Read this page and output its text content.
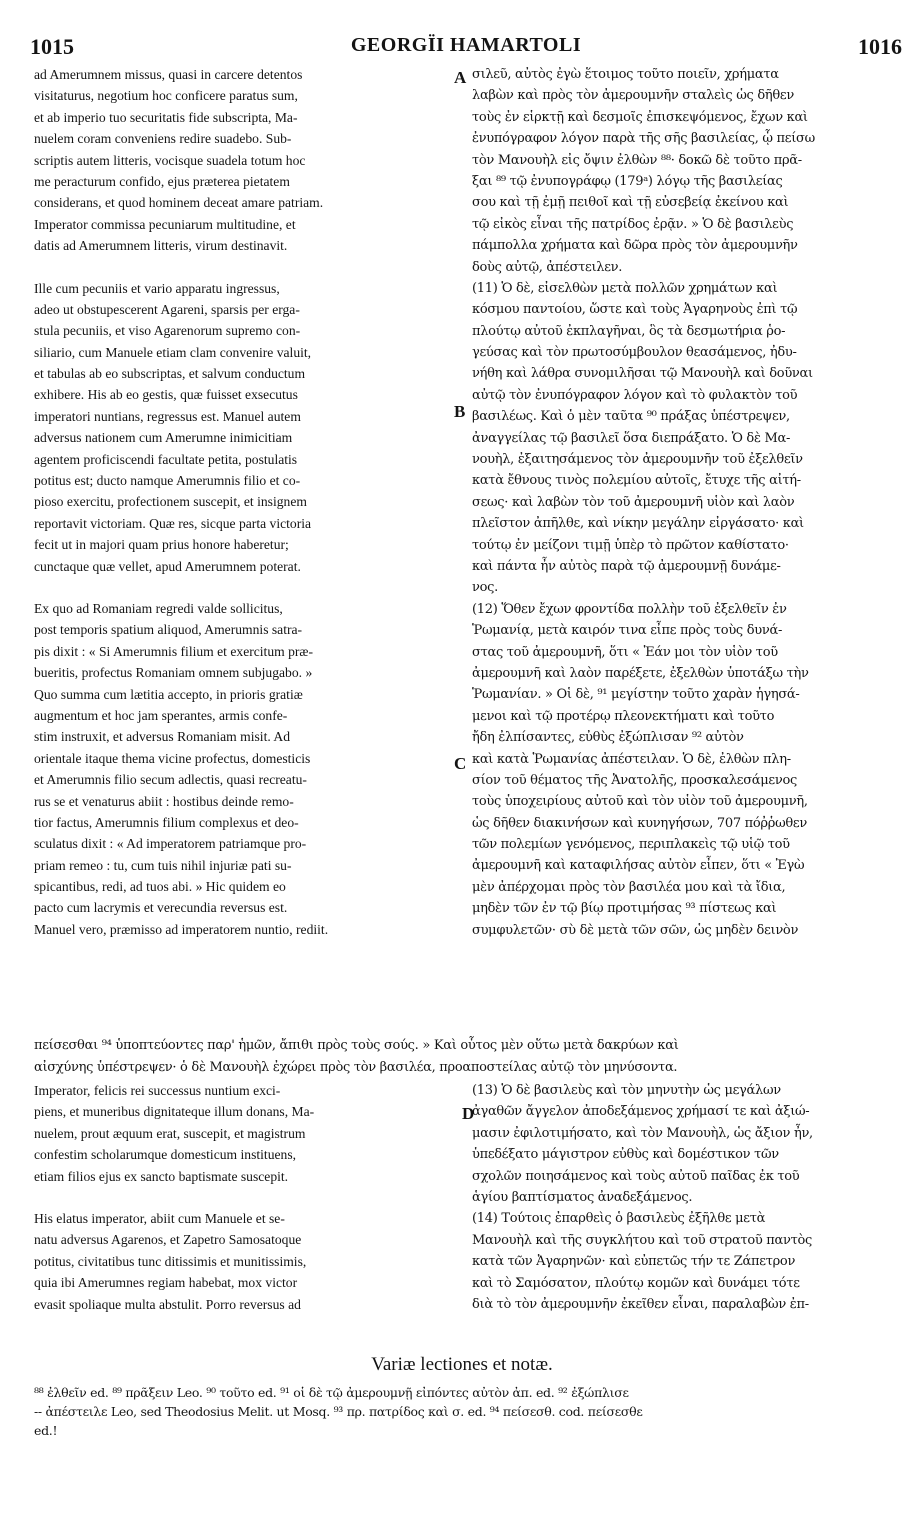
1015	GEORGÏI HAMARTOLI	1016
ad Amerumnem missus, quasi in carcere detentos
visitaturus, negotium hoc conficere paratus sum,
et ab imperio tuo securitatis fide subscripta, Ma-
nuelem coram conveniens redire suadebo. Sub-
scriptis autem litteris, vocisque suadela totum hoc
me peracturum confido, ejus præterea pietatem
considerans, et quod hominem deceat amare patriam.
Imperator commissa pecuniarum multitudine, et
datis ad Amerumnem litteris, virum destinavit.
Ille cum pecuniis et vario apparatu ingressus,
adeo ut obstupescerent Agareni, sparsis per erga-
stula pecuniis, et viso Agarenorum supremo con-
siliario, cum Manuele etiam clam convenire valuit,
et tabulas ab eo subscriptas, et salvum conductum
exhibere. His ab eo gestis, quæ fuisset exsecutus
imperatori nuntians, regressus est. Manuel autem
adversus nationem cum Amerumne inimicitiam
agentem proficiscendi facultate petita, postulatis
potitus est; ducto namque Amerumnis filio et co-
pioso exercitu, profectionem suscepit, et insignem
reportavit victoriam. Quæ res, sicque parta victoria
fecit ut in majori quam prius honore haberetur;
cunctaque quæ vellet, apud Amerumnem poterat.
Ex quo ad Romaniam regredi valde sollicitus,
post temporis spatium aliquod, Amerumnis satra-
pis dixit : « Si Amerumnis filium et exercitum præ-
bueritis, profectus Romaniam omnem subjugabo. »
Quo summa cum lætitia accepto, in prioris gratiæ
augmentum et hoc jam sperantes, armis confe-
stim instruxit, et adversus Romaniam misit. Ad
orientale itaque thema vicine profectus, domesticis
et Amerumnis filio secum adlectis, quasi recreatu-
rus se et venaturus abiit : hostibus deinde remo-
tior factus, Amerumnis filium complexus et deo-
sculatus dixit : « Ad imperatorem patriamque pro-
priam remeo : tu, cum tuis nihil injuriæ pati su-
spicantibus, redi, ad tuos abi. » Hic quidem eo
pacto cum lacrymis et verecundia reversus est.
Manuel vero, præmisso ad imperatorem nuntio, rediit.
σιλεῦ, αὐτὸς ἐγὼ ἕτοιμος τοῦτο ποιεῖν, χρήματα
λαβὼν καὶ πρὸς τὸν ἀμερουμνῆν σταλεὶς ὡς δῆθεν
τοὺς ἐν εἱρκτῇ καὶ δεσμοῖς ἐπισκεψόμενος, ἔχων καὶ
ἐνυπόγραφον λόγον παρὰ τῆς σῆς βασιλείας, ᾧ πείσω
τὸν Μανουὴλ εἰς ὄψιν ἐλθὼν ⁸⁸· δοκῶ δὲ τοῦτο πρᾶ-
ξαι ⁸⁹ τῷ ἐνυπογράφῳ (179ᵃ) λόγῳ τῆς βασιλείας
σου καὶ τῇ ἐμῇ πειθοῖ καὶ τῇ εὐσεβείᾳ ἐκείνου καὶ
τῷ εἰκὸς εἶναι τῆς πατρίδος ἐρᾷν. » Ὁ δὲ βασιλεὺς
πάμπολλα χρήματα καὶ δῶρα πρὸς τὸν ἀμερουμνῆν
δοὺς αὐτῷ, ἀπέστειλεν.
(11) Ὁ δὲ, εἰσελθὼν μετὰ πολλῶν χρημάτων καὶ
κόσμου παντοίου, ὥστε καὶ τοὺς Ἀγαρηνοὺς ἐπὶ τῷ
πλούτῳ αὐτοῦ ἐκπλαγῆναι, ὃς τὰ δεσμωτήρια ῥο-
γεύσας καὶ τὸν πρωτοσύμβουλον θεασάμενος, ἠδυ-
νήθη καὶ λάθρα συνομιλῆσαι τῷ Μανουὴλ καὶ δοῦναι
αὐτῷ τὸν ἐνυπόγραφον λόγον καὶ τὸ φυλακτὸν τοῦ
βασιλέως. Καὶ ὁ μὲν ταῦτα ⁹⁰ πράξας ὑπέστρεψεν,
ἀναγγείλας τῷ βασιλεῖ ὅσα διεπράξατο. Ὁ δὲ Μα-
νουὴλ, ἐξαιτησάμενος τὸν ἀμερουμνῆν τοῦ ἐξελθεῖν
κατὰ ἔθνους τινὸς πολεμίου αὐτοῖς, ἔτυχε τῆς αἰτή-
σεως· καὶ λαβὼν τὸν τοῦ ἀμερουμνῆ υἱὸν καὶ λαὸν
πλεῖστον ἀπῆλθε, καὶ νίκην μεγάλην εἰργάσατο· καὶ
τούτῳ ἐν μείζονι τιμῇ ὑπὲρ τὸ πρῶτον καθίστατο·
καὶ πάντα ἦν αὐτὸς παρὰ τῷ ἀμερουμνῇ δυνάμε-
νος.
(12) Ὅθεν ἔχων φροντίδα πολλὴν τοῦ ἐξελθεῖν ἐν
Ῥωμανίᾳ, μετὰ καιρόν τινα εἶπε πρὸς τοὺς δυνά-
στας τοῦ ἀμερουμνῆ, ὅτι « Ἐάν μοι τὸν υἱὸν τοῦ
ἀμερουμνῆ καὶ λαὸν παρέξετε, ἐξελθὼν ὑποτάξω τὴν
Ῥωμανίαν. » Οἱ δὲ, ⁹¹ μεγίστην τοῦτο χαρὰν ἡγησά-
μενοι καὶ τῷ προτέρῳ πλεονεκτήματι καὶ τοῦτο
ἤδη ἐλπίσαντες, εὐθὺς ἐξώπλισαν ⁹² αὐτὸν
καὶ κατὰ Ῥωμανίας ἀπέστειλαν. Ὁ δὲ, ἐλθὼν πλη-
σίον τοῦ θέματος τῆς Ἀνατολῆς, προσκαλεσάμενος
τοὺς ὑποχειρίους αὐτοῦ καὶ τὸν υἱὸν τοῦ ἀμερουμνῆ,
ὡς δῆθεν διακινήσων καὶ κυνηγήσων, 707 πόῤῥωθεν
τῶν πολεμίων γενόμενος, περιπλακεὶς τῷ υἱῷ τοῦ
ἀμερουμνῆ καὶ καταφιλήσας αὐτὸν εἶπεν, ὅτι « Ἐγὼ
μὲν ἀπέρχομαι πρὸς τὸν βασιλέα μου καὶ τὰ ἴδια,
μηδὲν τῶν ἐν τῷ βίῳ προτιμήσας ⁹³ πίστεως καὶ
συμφυλετῶν· σὺ δὲ μετὰ τῶν σῶν, ὡς μηδὲν δεινὸν
A
B
C
D
πείσεσθαι ⁹⁴ ὑποπτεύοντες παρ' ἡμῶν, ἄπιθι πρὸς τοὺς σούς. » Καὶ οὗτος μὲν οὕτω μετὰ δακρύων καὶ
αἰσχύνης ὑπέστρεψεν· ὁ δὲ Μανουὴλ ἐχώρει πρὸς τὸν βασιλέα, προαποστείλας αὐτῷ τὸν μηνύσοντα.
Imperator, felicis rei successus nuntium exci-
piens, et muneribus dignitateque illum donans, Ma-
nuelem, prout æquum erat, suscepit, et magistrum
confestim scholarumque domesticum instituens,
etiam filios ejus ex sancto baptismate suscepit.
His elatus imperator, abiit cum Manuele et se-
natu adversus Agarenos, et Zapetro Samosatoque
potitus, civitatibus tunc ditissimis et munitissimis,
quia ibi Amerumnes regiam habebat, mox victor
evasit spoliaque multa abstulit. Porro reversus ad
(13) Ὁ δὲ βασιλεὺς καὶ τὸν μηνυτὴν ὡς μεγάλων
ἀγαθῶν ἄγγελον ἀποδεξάμενος χρήμασί τε καὶ ἀξιώ-
μασιν ἐφιλοτιμήσατο, καὶ τὸν Μανουὴλ, ὡς ἄξιον ἦν,
ὑπεδέξατο μάγιστρον εὐθὺς καὶ δομέστικον τῶν
σχολῶν ποιησάμενος καὶ τοὺς αὐτοῦ παῖδας ἐκ τοῦ
ἁγίου βαπτίσματος ἀναδεξάμενος.
(14) Τούτοις ἐπαρθεὶς ὁ βασιλεὺς ἐξῆλθε μετὰ
Μανουὴλ καὶ τῆς συγκλήτου καὶ τοῦ στρατοῦ παντὸς
κατὰ τῶν Ἀγαρηνῶν· καὶ εὐπετῶς τήν τε Ζάπετρον
καὶ τὸ Σαμόσατον, πλούτῳ κομῶν καὶ δυνάμει τότε
διὰ τὸ τὸν ἀμερουμνῆν ἐκεῖθεν εἶναι, παραλαβὼν ἐπ-
Variæ lectiones et notæ.
⁸⁸ ἐλθεῖν ed. ⁸⁹ πρᾶξειν Leo. ⁹⁰ τοῦτο ed. ⁹¹ οἱ δὲ τῷ ἀμερουμνῇ εἰπόντες αὐτὸν ἀπ. ed. ⁹² ἐξώπλισε
-- ἀπέστειλε Leo, sed Theodosius Melit. ut Mosq. ⁹³ πρ. πατρίδος καὶ σ. ed. ⁹⁴ πείσεσθ. cod. πείσεσθε
ed.!
